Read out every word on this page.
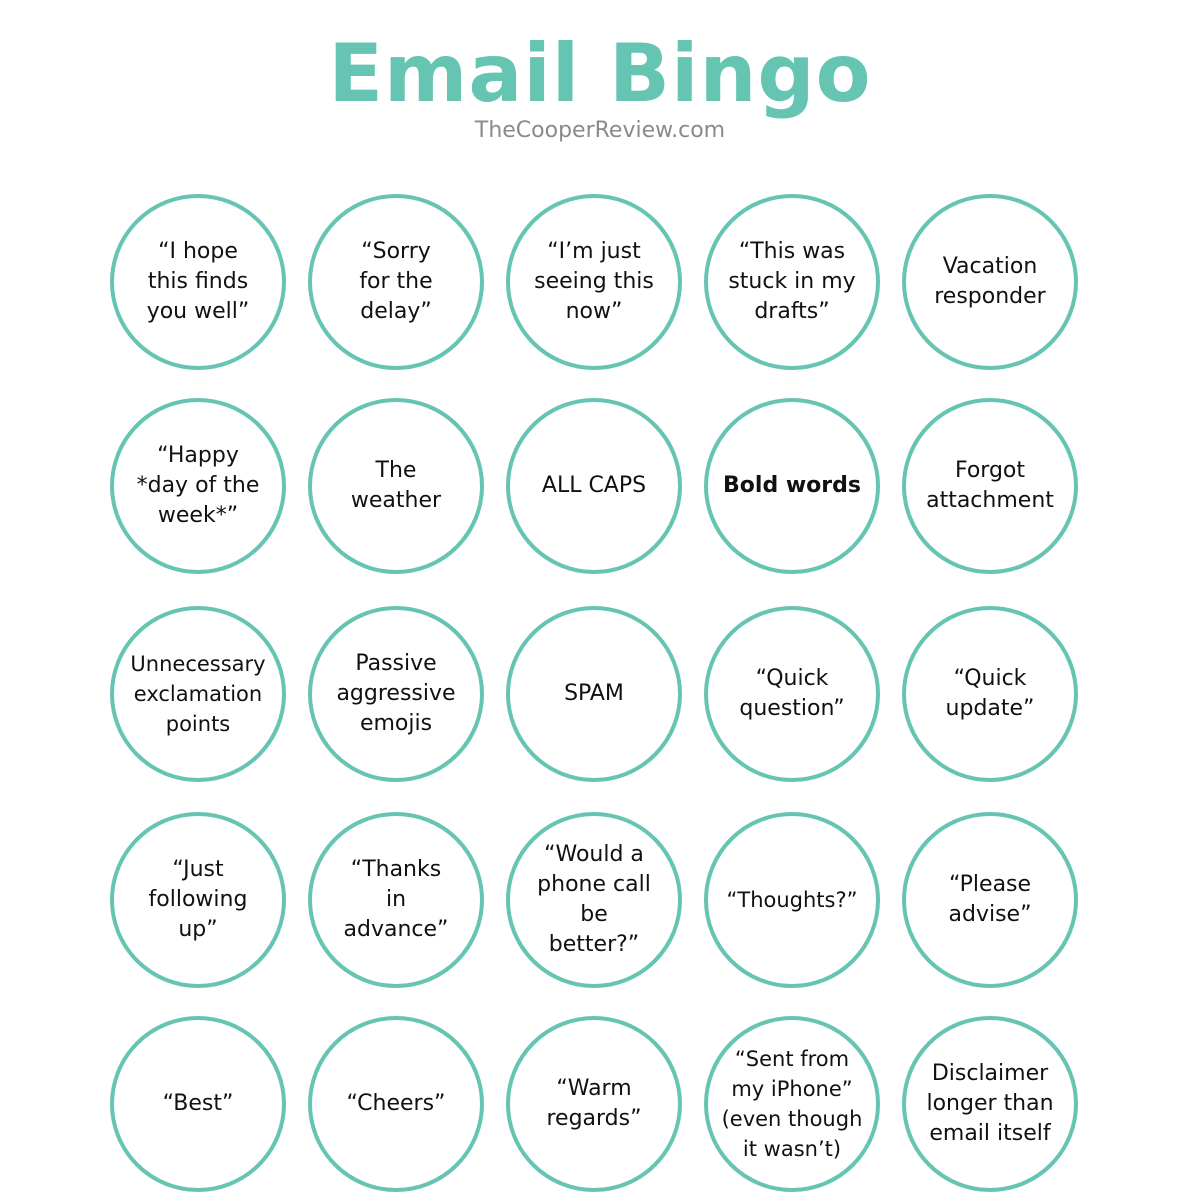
Email Bingo
TheCooperReview.com
“I hope
this finds
you well”
“Sorry
for the
delay”
“I’m just
seeing this
now”
“This was
stuck in my
drafts”
Vacation
responder
“Happy
*day of the
week*”
The
weather
ALL CAPS	Bold words
Forgot
attachment
Unnecessary
exclamation
points
Passive
aggressive
emojis
SPAM
“Quick
question”
“Quick
update”
“Just
following
up”
“Thanks
in
advance”
“Would a
phone call
be
better?”
“Thoughts?”
“Please
advise”
“Best”	“Cheers”
“Warm
regards”
“Sent from
my iPhone”
(even though
it wasn’t)
Disclaimer
longer than
email itself
